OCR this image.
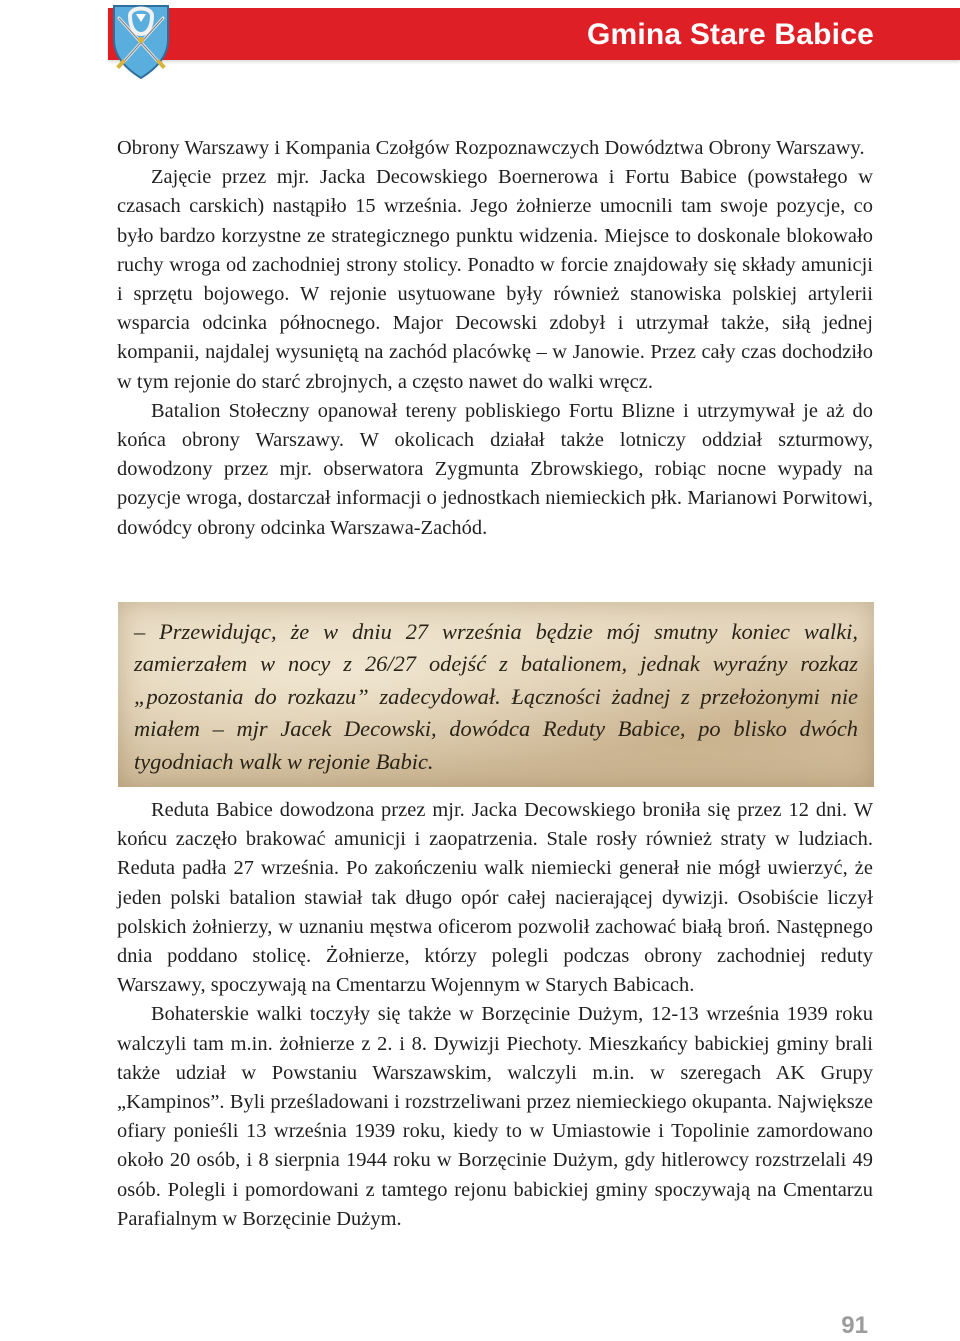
Gmina Stare Babice

Obrony Warszawy i Kompania Czołgów Rozpoznawczych Dowództwa Obrony Warszawy.

Zajęcie przez mjr. Jacka Decowskiego Boernerowa i Fortu Babice (powstałego w czasach carskich) nastąpiło 15 września. Jego żołnierze umocnili tam swoje pozycje, co było bardzo korzystne ze strategicznego punktu widzenia. Miejsce to doskonale blokowało ruchy wroga od zachodniej strony stolicy. Ponadto w forcie znajdowały się składy amunicji i sprzętu bojowego. W rejonie usytuowane były również stanowiska polskiej artylerii wsparcia odcinka północnego. Major Decowski zdobył i utrzymał także, siłą jednej kompanii, najdalej wysuniętą na zachód placówkę – w Janowie. Przez cały czas dochodziło w tym rejonie do starć zbrojnych, a często nawet do walki wręcz.

Batalion Stołeczny opanował tereny pobliskiego Fortu Blizne i utrzymywał je aż do końca obrony Warszawy. W okolicach działał także lotniczy oddział szturmowy, dowodzony przez mjr. obserwatora Zygmunta Zbrowskiego, robiąc nocne wypady na pozycje wroga, dostarczał informacji o jednostkach niemieckich płk. Marianowi Porwitowi, dowódcy obrony odcinka Warszawa-Zachód.

– Przewidując, że w dniu 27 września będzie mój smutny koniec walki, zamierzałem w nocy z 26/27 odejść z batalionem, jednak wyraźny rozkaz „pozostania do rozkazu” zadecydował. Łączności żadnej z przełożonymi nie miałem – mjr Jacek Decowski, dowódca Reduty Babice, po blisko dwóch tygodniach walk w rejonie Babic.

Reduta Babice dowodzona przez mjr. Jacka Decowskiego broniła się przez 12 dni. W końcu zaczęło brakować amunicji i zaopatrzenia. Stale rosły również straty w ludziach. Reduta padła 27 września. Po zakończeniu walk niemiecki generał nie mógł uwierzyć, że jeden polski batalion stawiał tak długo opór całej nacierającej dywizji. Osobiście liczył polskich żołnierzy, w uznaniu męstwa oficerom pozwolił zachować białą broń. Następnego dnia poddano stolicę. Żołnierze, którzy polegli podczas obrony zachodniej reduty Warszawy, spoczywają na Cmentarzu Wojennym w Starych Babicach.

Bohaterskie walki toczyły się także w Borzęcinie Dużym, 12-13 września 1939 roku walczyli tam m.in. żołnierze z 2. i 8. Dywizji Piechoty. Mieszkańcy babickiej gminy brali także udział w Powstaniu Warszawskim, walczyli m.in. w szeregach AK Grupy „Kampinos”. Byli prześladowani i rozstrzeliwani przez niemieckiego okupanta. Największe ofiary ponieśli 13 września 1939 roku, kiedy to w Umiastowie i Topolinie zamordowano około 20 osób, i 8 sierpnia 1944 roku w Borzęcinie Dużym, gdy hitlerowcy rozstrzelali 49 osób. Polegli i pomordowani z tamtego rejonu babickiej gminy spoczywają na Cmentarzu Parafialnym w Borzęcinie Dużym.

91
